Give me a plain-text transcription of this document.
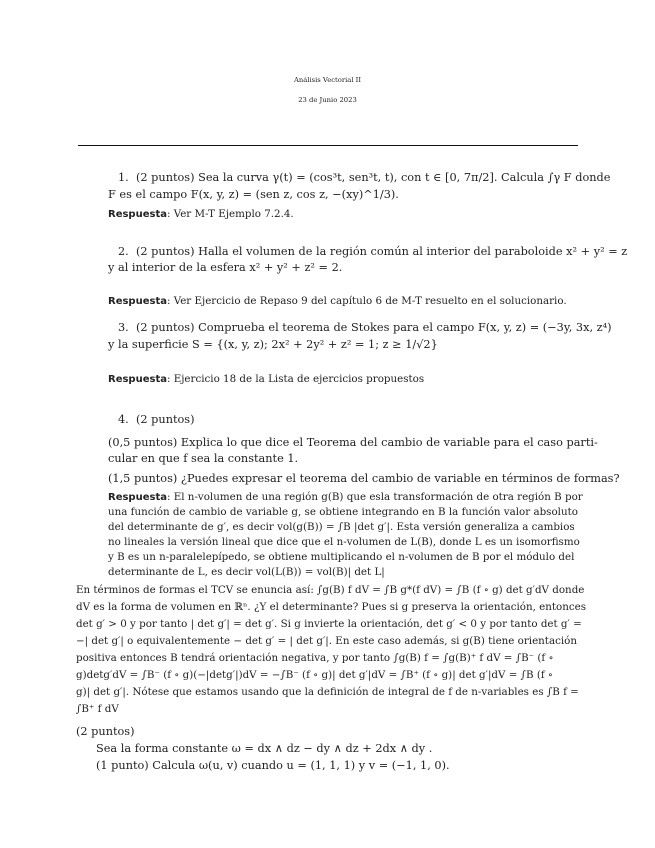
Análisis Vectorial II
23 de Junio 2023
1. (2 puntos) Sea la curva γ(t) = (cos³t, sen³t, t), con t ∈ [0, 7π/2]. Calcula ∫γ F donde
F es el campo F(x, y, z) = (sen z, cos z, −(xy)^1/3).
Respuesta: Ver M-T Ejemplo 7.2.4.
2. (2 puntos) Halla el volumen de la región común al interior del paraboloide x² + y² = z
y al interior de la esfera x² + y² + z² = 2.
Respuesta: Ver Ejercicio de Repaso 9 del capítulo 6 de M-T resuelto en el solucionario.
3. (2 puntos) Comprueba el teorema de Stokes para el campo F(x, y, z) = (−3y, 3x, z⁴)
y la superficie S = {(x, y, z); 2x² + 2y² + z² = 1; z ≥ 1/√2}
Respuesta: Ejercicio 18 de la Lista de ejercicios propuestos
4. (2 puntos)
(0,5 puntos) Explica lo que dice el Teorema del cambio de variable para el caso parti-
cular en que f sea la constante 1.
(1,5 puntos) ¿Puedes expresar el teorema del cambio de variable en términos de formas?
Respuesta: El n-volumen de una región g(B) que esla transformación de otra región B por
una función de cambio de variable g, se obtiene integrando en B la función valor absoluto
del determinante de g′, es decir vol(g(B)) = ∫B |det g′|. Esta versión generaliza a cambios
no lineales la versión lineal que dice que el n-volumen de L(B), donde L es un isomorfismo
y B es un n-paralelepípedo, se obtiene multiplicando el n-volumen de B por el módulo del
determinante de L, es decir vol(L(B)) = vol(B)| det L|
En términos de formas el TCV se enuncia así: ∫g(B) f dV = ∫B g*(f dV) = ∫B (f ∘ g) det g′dV donde
dV es la forma de volumen en ℝⁿ. ¿Y el determinante? Pues si g preserva la orientación, entonces
det g′ > 0 y por tanto | det g′| = det g′. Si g invierte la orientación, det g′ < 0 y por tanto det g′ =
−| det g′| o equivalentemente − det g′ = | det g′|. En este caso además, si g(B) tiene orientación
positiva entonces B tendrá orientación negativa, y por tanto ∫g(B) f = ∫g(B)⁺ f dV = ∫B⁻ (f ∘
g)detg′dV = ∫B⁻ (f ∘ g)(−|detg′|)dV = −∫B⁻ (f ∘ g)| det g′|dV = ∫B⁺ (f ∘ g)| det g′|dV = ∫B (f ∘
g)| det g′|. Nótese que estamos usando que la definición de integral de f de n-variables es ∫B f =
∫B⁺ f dV
(2 puntos)
Sea la forma constante ω = dx ∧ dz − dy ∧ dz + 2dx ∧ dy .
(1 punto) Calcula ω(u, v) cuando u = (1, 1, 1) y v = (−1, 1, 0).
